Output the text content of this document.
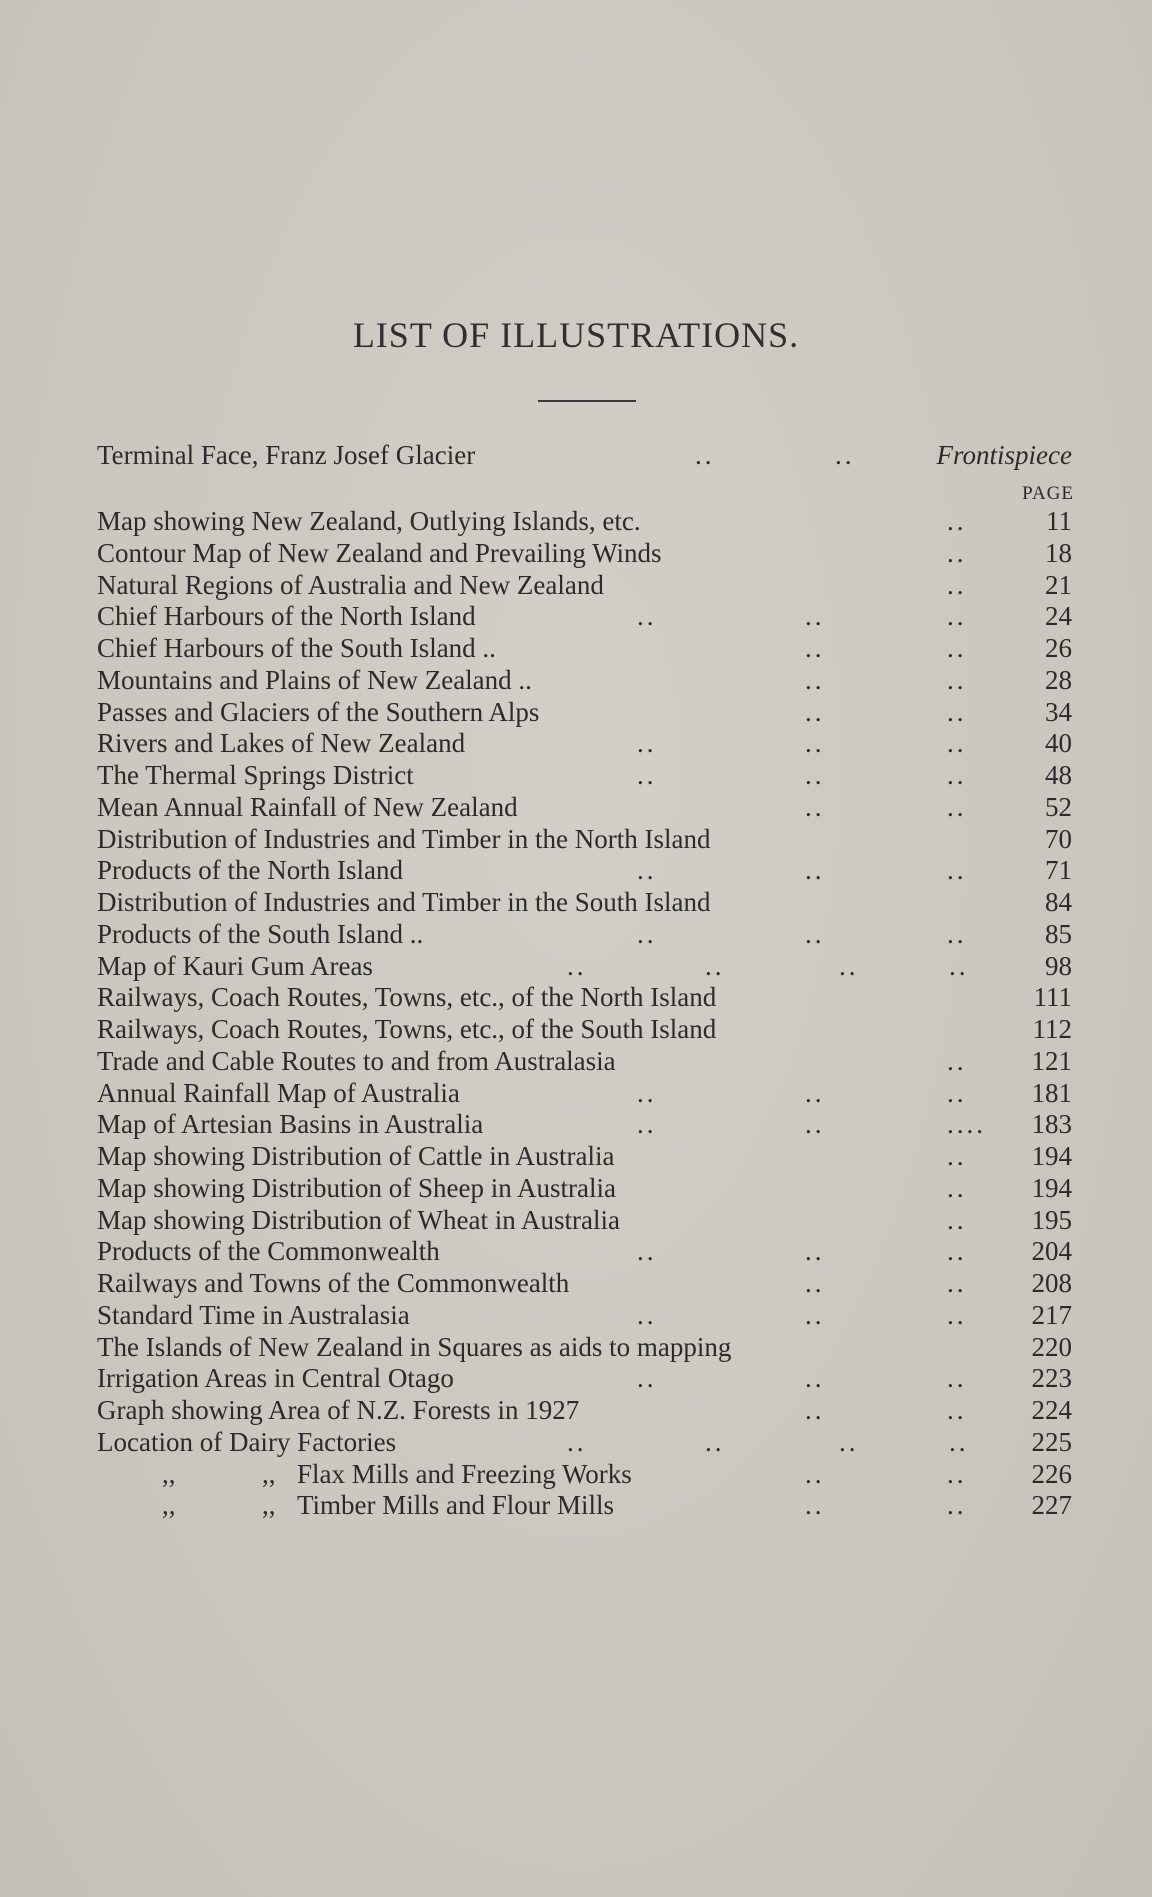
LIST OF ILLUSTRATIONS.
Terminal Face, Franz Josef Glacier	..	..	Frontispiece
PAGE
Map showing New Zealand, Outlying Islands, etc.	..	11
Contour Map of New Zealand and Prevailing Winds	..	18
Natural Regions of Australia and New Zealand	..	21
Chief Harbours of the North Island	..	..	..	24
Chief Harbours of the South Island ..	..	..	26
Mountains and Plains of New Zealand ..	..	..	28
Passes and Glaciers of the Southern Alps	..	..	34
Rivers and Lakes of New Zealand	..	..	..	40
The Thermal Springs District	..	..	..	48
Mean Annual Rainfall of New Zealand	..	..	52
Distribution of Industries and Timber in the North Island	70
Products of the North Island	..	..	..	71
Distribution of Industries and Timber in the South Island	84
Products of the South Island ..	..	..	..	85
Map of Kauri Gum Areas	..	..	..	..	98
Railways, Coach Routes, Towns, etc., of the North Island	111
Railways, Coach Routes, Towns, etc., of the South Island	112
Trade and Cable Routes to and from Australasia	.. 121
Annual Rainfall Map of Australia	..	..	.. 181
Map of Artesian Basins in Australia	..	..	.... 183
Map showing Distribution of Cattle in Australia	.. 194
Map showing Distribution of Sheep in Australia	.. 194
Map showing Distribution of Wheat in Australia	.. 195
Products of the Commonwealth	..	..	.. 204
Railways and Towns of the Commonwealth	..	.. 208
Standard Time in Australasia	..	..	.. 217
The Islands of New Zealand in Squares as aids to mapping	220
Irrigation Areas in Central Otago	..	..	.. 223
Graph showing Area of N.Z. Forests in 1927	..	.. 224
Location of Dairy Factories	..	..	..	.. 225
,,	,, Flax Mills and Freezing Works	..	.. 226
,,	,, Timber Mills and Flour Mills	..	.. 227
